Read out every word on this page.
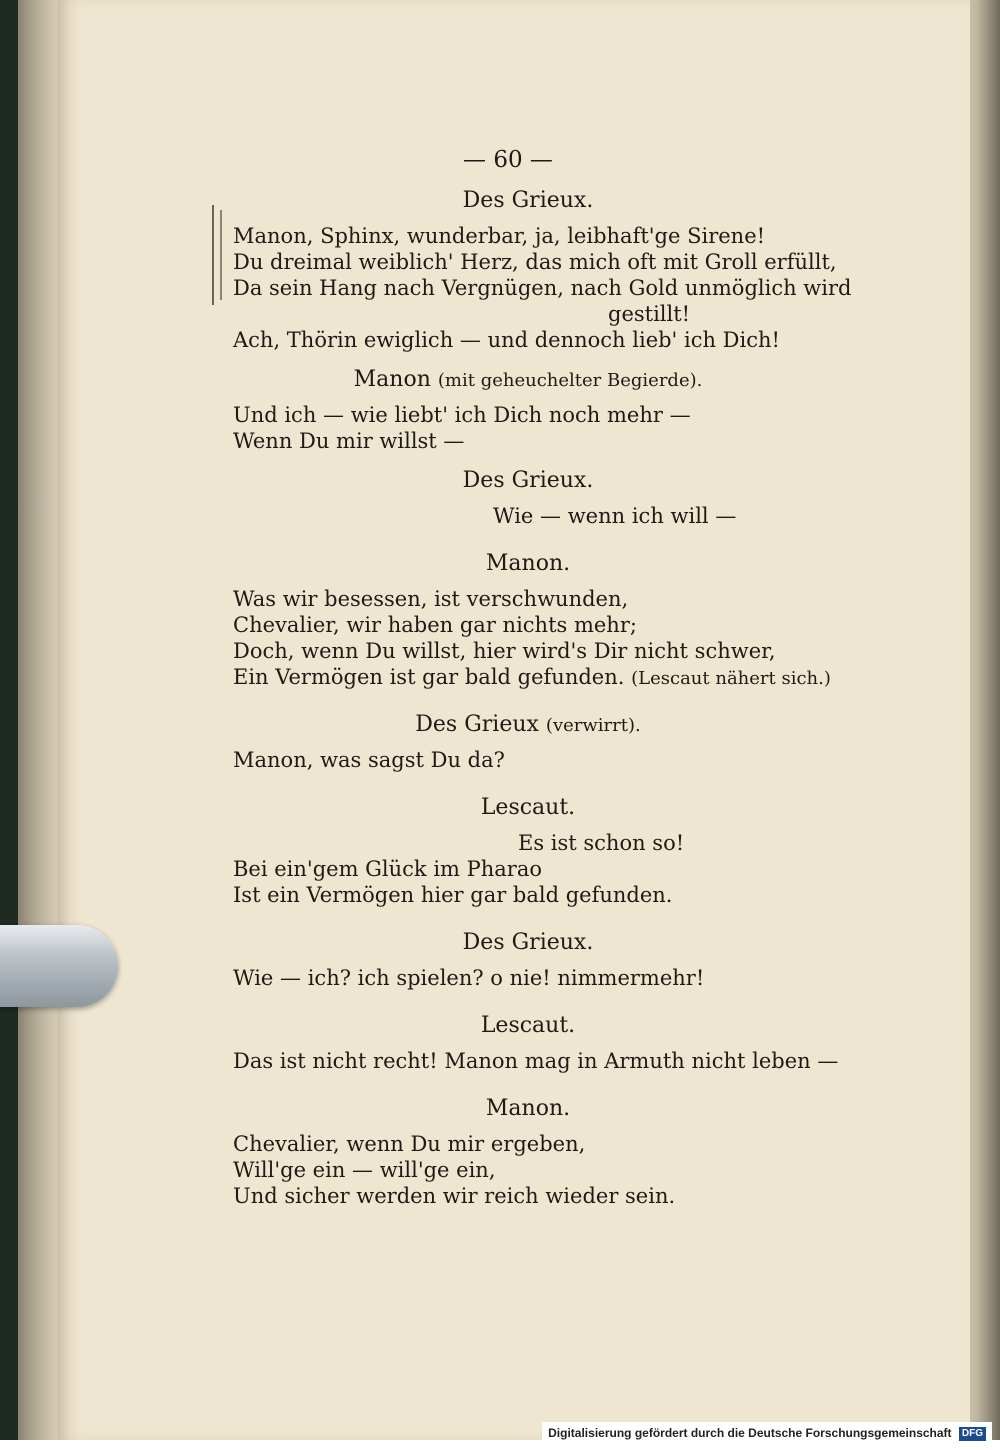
— 60 —
Des Grieux.
Manon, Sphinx, wunderbar, ja, leibhaft'ge Sirene!
Du dreimal weiblich' Herz, das mich oft mit Groll erfüllt,
Da sein Hang nach Vergnügen, nach Gold unmöglich wird
gestillt!
Ach, Thörin ewiglich — und dennoch lieb' ich Dich!
Manon (mit geheuchelter Begierde).
Und ich — wie liebt' ich Dich noch mehr —
Wenn Du mir willst —
Des Grieux.
Wie — wenn ich will —
Manon.
Was wir besessen, ist verschwunden,
Chevalier, wir haben gar nichts mehr;
Doch, wenn Du willst, hier wird's Dir nicht schwer,
Ein Vermögen ist gar bald gefunden. (Lescaut nähert sich.)
Des Grieux (verwirrt).
Manon, was sagst Du da?
Lescaut.
Es ist schon so!
Bei ein'gem Glück im Pharao
Ist ein Vermögen hier gar bald gefunden.
Des Grieux.
Wie — ich? ich spielen? o nie! nimmermehr!
Lescaut.
Das ist nicht recht! Manon mag in Armuth nicht leben —
Manon.
Chevalier, wenn Du mir ergeben,
Will'ge ein — will'ge ein,
Und sicher werden wir reich wieder sein.
Digitalisierung gefördert durch die Deutsche Forschungsgemeinschaft DFG
